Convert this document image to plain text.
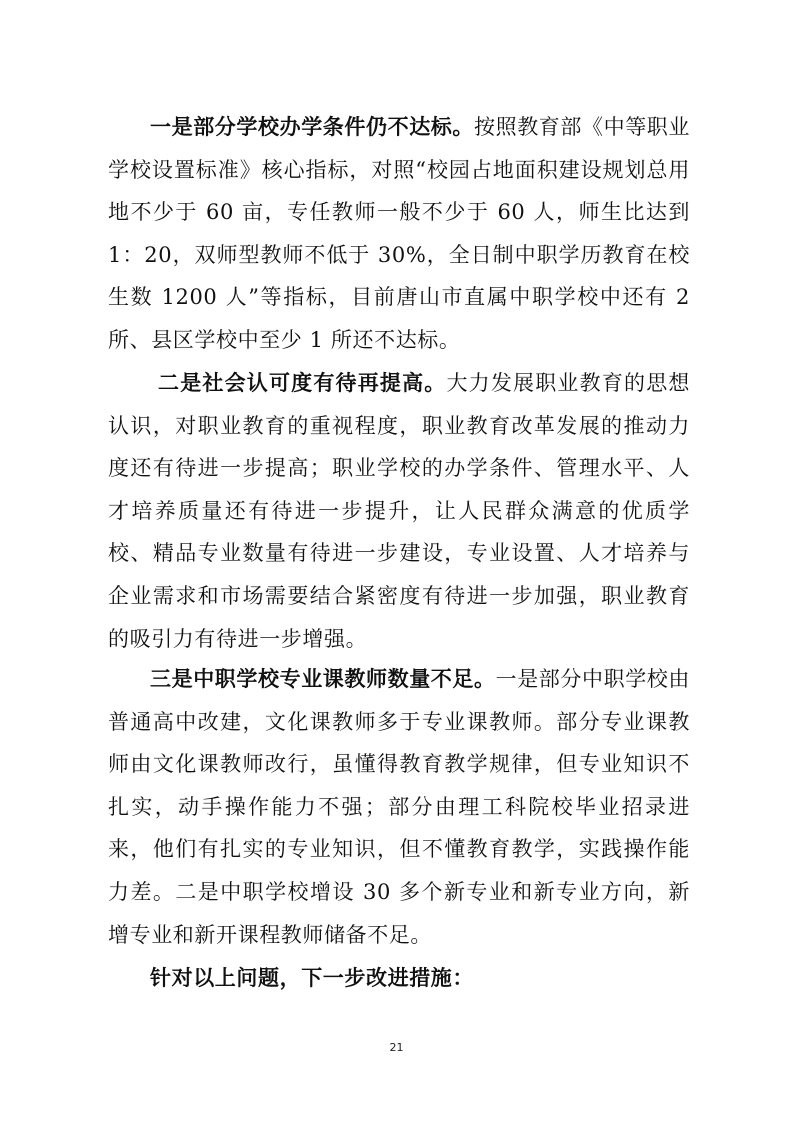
一是部分学校办学条件仍不达标。按照教育部《中等职业学校设置标准》核心指标，对照“校园占地面积建设规划总用地不少于 60 亩，专任教师一般不少于 60 人，师生比达到 1：20，双师型教师不低于 30%，全日制中职学历教育在校生数 1200 人”等指标，目前唐山市直属中职学校中还有 2 所、县区学校中至少 1 所还不达标。

二是社会认可度有待再提高。大力发展职业教育的思想认识，对职业教育的重视程度，职业教育改革发展的推动力度还有待进一步提高；职业学校的办学条件、管理水平、人才培养质量还有待进一步提升，让人民群众满意的优质学校、精品专业数量有待进一步建设，专业设置、人才培养与企业需求和市场需要结合紧密度有待进一步加强，职业教育的吸引力有待进一步增强。

三是中职学校专业课教师数量不足。一是部分中职学校由普通高中改建，文化课教师多于专业课教师。部分专业课教师由文化课教师改行，虽懂得教育教学规律，但专业知识不扎实，动手操作能力不强；部分由理工科院校毕业招录进来，他们有扎实的专业知识，但不懂教育教学，实践操作能力差。二是中职学校增设 30 多个新专业和新专业方向，新增专业和新开课程教师储备不足。

针对以上问题，下一步改进措施：

21
